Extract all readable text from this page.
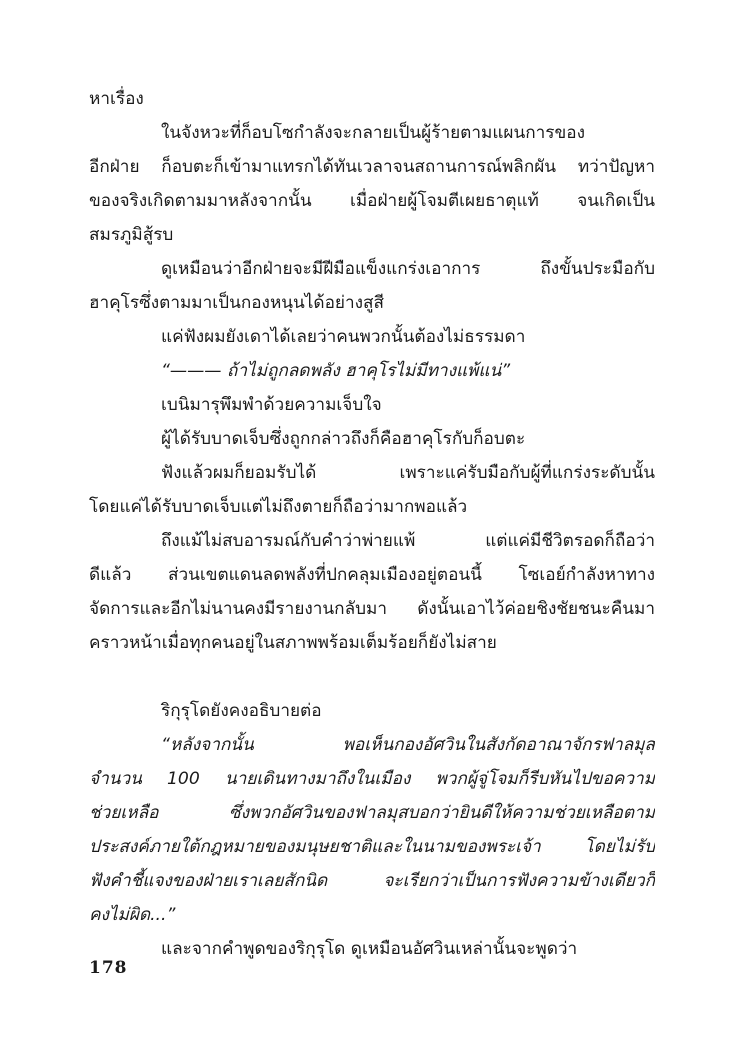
หาเรื่อง
ในจังหวะที่ก็อบโซกำลังจะกลายเป็นผู้ร้ายตามแผนการของ
อีกฝ่าย ก็อบตะก็เข้ามาแทรกได้ทันเวลาจนสถานการณ์พลิกผัน ทว่าปัญหา
ของจริงเกิดตามมาหลังจากนั้น เมื่อฝ่ายผู้โจมตีเผยธาตุแท้ จนเกิดเป็น
สมรภูมิสู้รบ
ดูเหมือนว่าอีกฝ่ายจะมีฝีมือแข็งแกร่งเอาการ ถึงขั้นประมือกับ
ฮาคุโรซึ่งตามมาเป็นกองหนุนได้อย่างสูสี
แค่ฟังผมยังเดาได้เลยว่าคนพวกนั้นต้องไม่ธรรมดา
“——— ถ้าไม่ถูกลดพลัง ฮาคุโรไม่มีทางแพ้แน่”
เบนิมารุพึมพำด้วยความเจ็บใจ
ผู้ได้รับบาดเจ็บซึ่งถูกกล่าวถึงก็คือฮาคุโรกับก็อบตะ
ฟังแล้วผมก็ยอมรับได้ เพราะแค่รับมือกับผู้ที่แกร่งระดับนั้น
โดยแค่ได้รับบาดเจ็บแต่ไม่ถึงตายก็ถือว่ามากพอแล้ว
ถึงแม้ไม่สบอารมณ์กับคำว่าพ่ายแพ้ แต่แค่มีชีวิตรอดก็ถือว่า
ดีแล้ว ส่วนเขตแดนลดพลังที่ปกคลุมเมืองอยู่ตอนนี้ โซเอย์กำลังหาทาง
จัดการและอีกไม่นานคงมีรายงานกลับมา ดังนั้นเอาไว้ค่อยชิงชัยชนะคืนมา
คราวหน้าเมื่อทุกคนอยู่ในสภาพพร้อมเต็มร้อยก็ยังไม่สาย
ริกุรุโดยังคงอธิบายต่อ
“หลังจากนั้น พอเห็นกองอัศวินในสังกัดอาณาจักรฟาลมุส
จำนวน 100 นายเดินทางมาถึงในเมือง พวกผู้จู่โจมก็รีบหันไปขอความ
ช่วยเหลือ ซึ่งพวกอัศวินของฟาลมุสบอกว่ายินดีให้ความช่วยเหลือตาม
ประสงค์ภายใต้กฎหมายของมนุษยชาติและในนามของพระเจ้า โดยไม่รับ
ฟังคำชี้แจงของฝ่ายเราเลยสักนิด จะเรียกว่าเป็นการฟังความข้างเดียวก็
คงไม่ผิด...”
และจากคำพูดของริกุรุโด ดูเหมือนอัศวินเหล่านั้นจะพูดว่า
178
